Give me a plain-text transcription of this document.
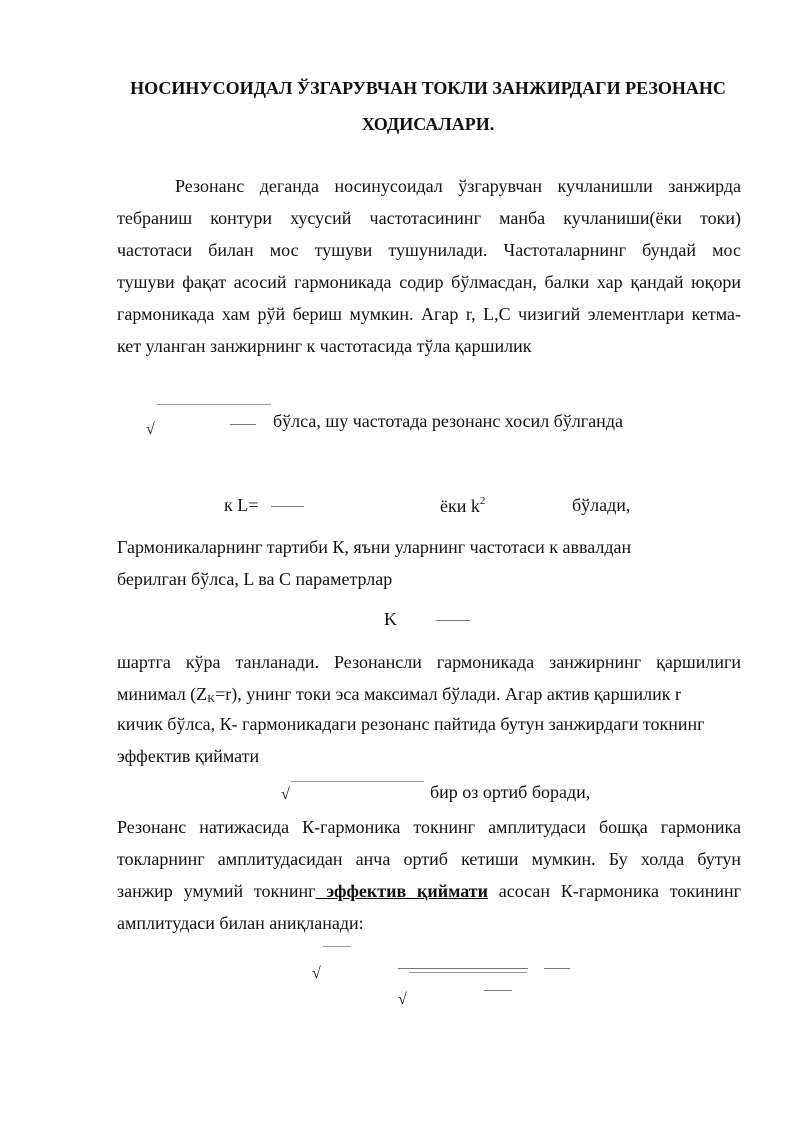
НОСИНУСОИДАЛ ЎЗГАРУВЧАН ТОКЛИ ЗАНЖИРДАГИ РЕЗОНАНС
ХОДИСАЛАРИ.
Резонанс деганда носинусоидал ўзгарувчан кучланишли занжирда
тебраниш контури хусусий частотасининг манба кучланиши(ёки токи)
частотаси билан мос тушуви тушунилади. Частоталарнинг бундай мос
тушуви фақат асосий гармоникада содир бўлмасдан, балки хар қандай юқори
гармоникада хам рўй бериш мумкин. Агар r, L,C чизигий элементлари кетма-
кет уланган занжирнинг к частотасида тўла қаршилик
√	бўлса, шу частотада резонанс хосил бўлганда
к L=	ёки $k^2$	бўлади,
Гармоникаларнинг тартиби К, яъни уларнинг частотаси к аввалдан
берилган бўлса, L ва C параметрлар
K
шартга кўра танланади. Резонансли гармоникада занжирнинг қаршилиги
минимал $(Z_K=r)$, унинг токи эса максимал бўлади. Агар актив қаршилик r
кичик бўлса, К- гармоникадаги резонанс пайтида бутун занжирдаги токнинг
эффектив қиймати
√	бир оз ортиб боради,
Резонанс натижасида К-гармоника токнинг амплитудаси бошқа гармоника
токларнинг амплитудасидан анча ортиб кетиши мумкин. Бу холда бутун
занжир умумий токнинг эффектив қиймати асосан К-гармоника токининг
амплитудаси билан аниқланади:
√
√
